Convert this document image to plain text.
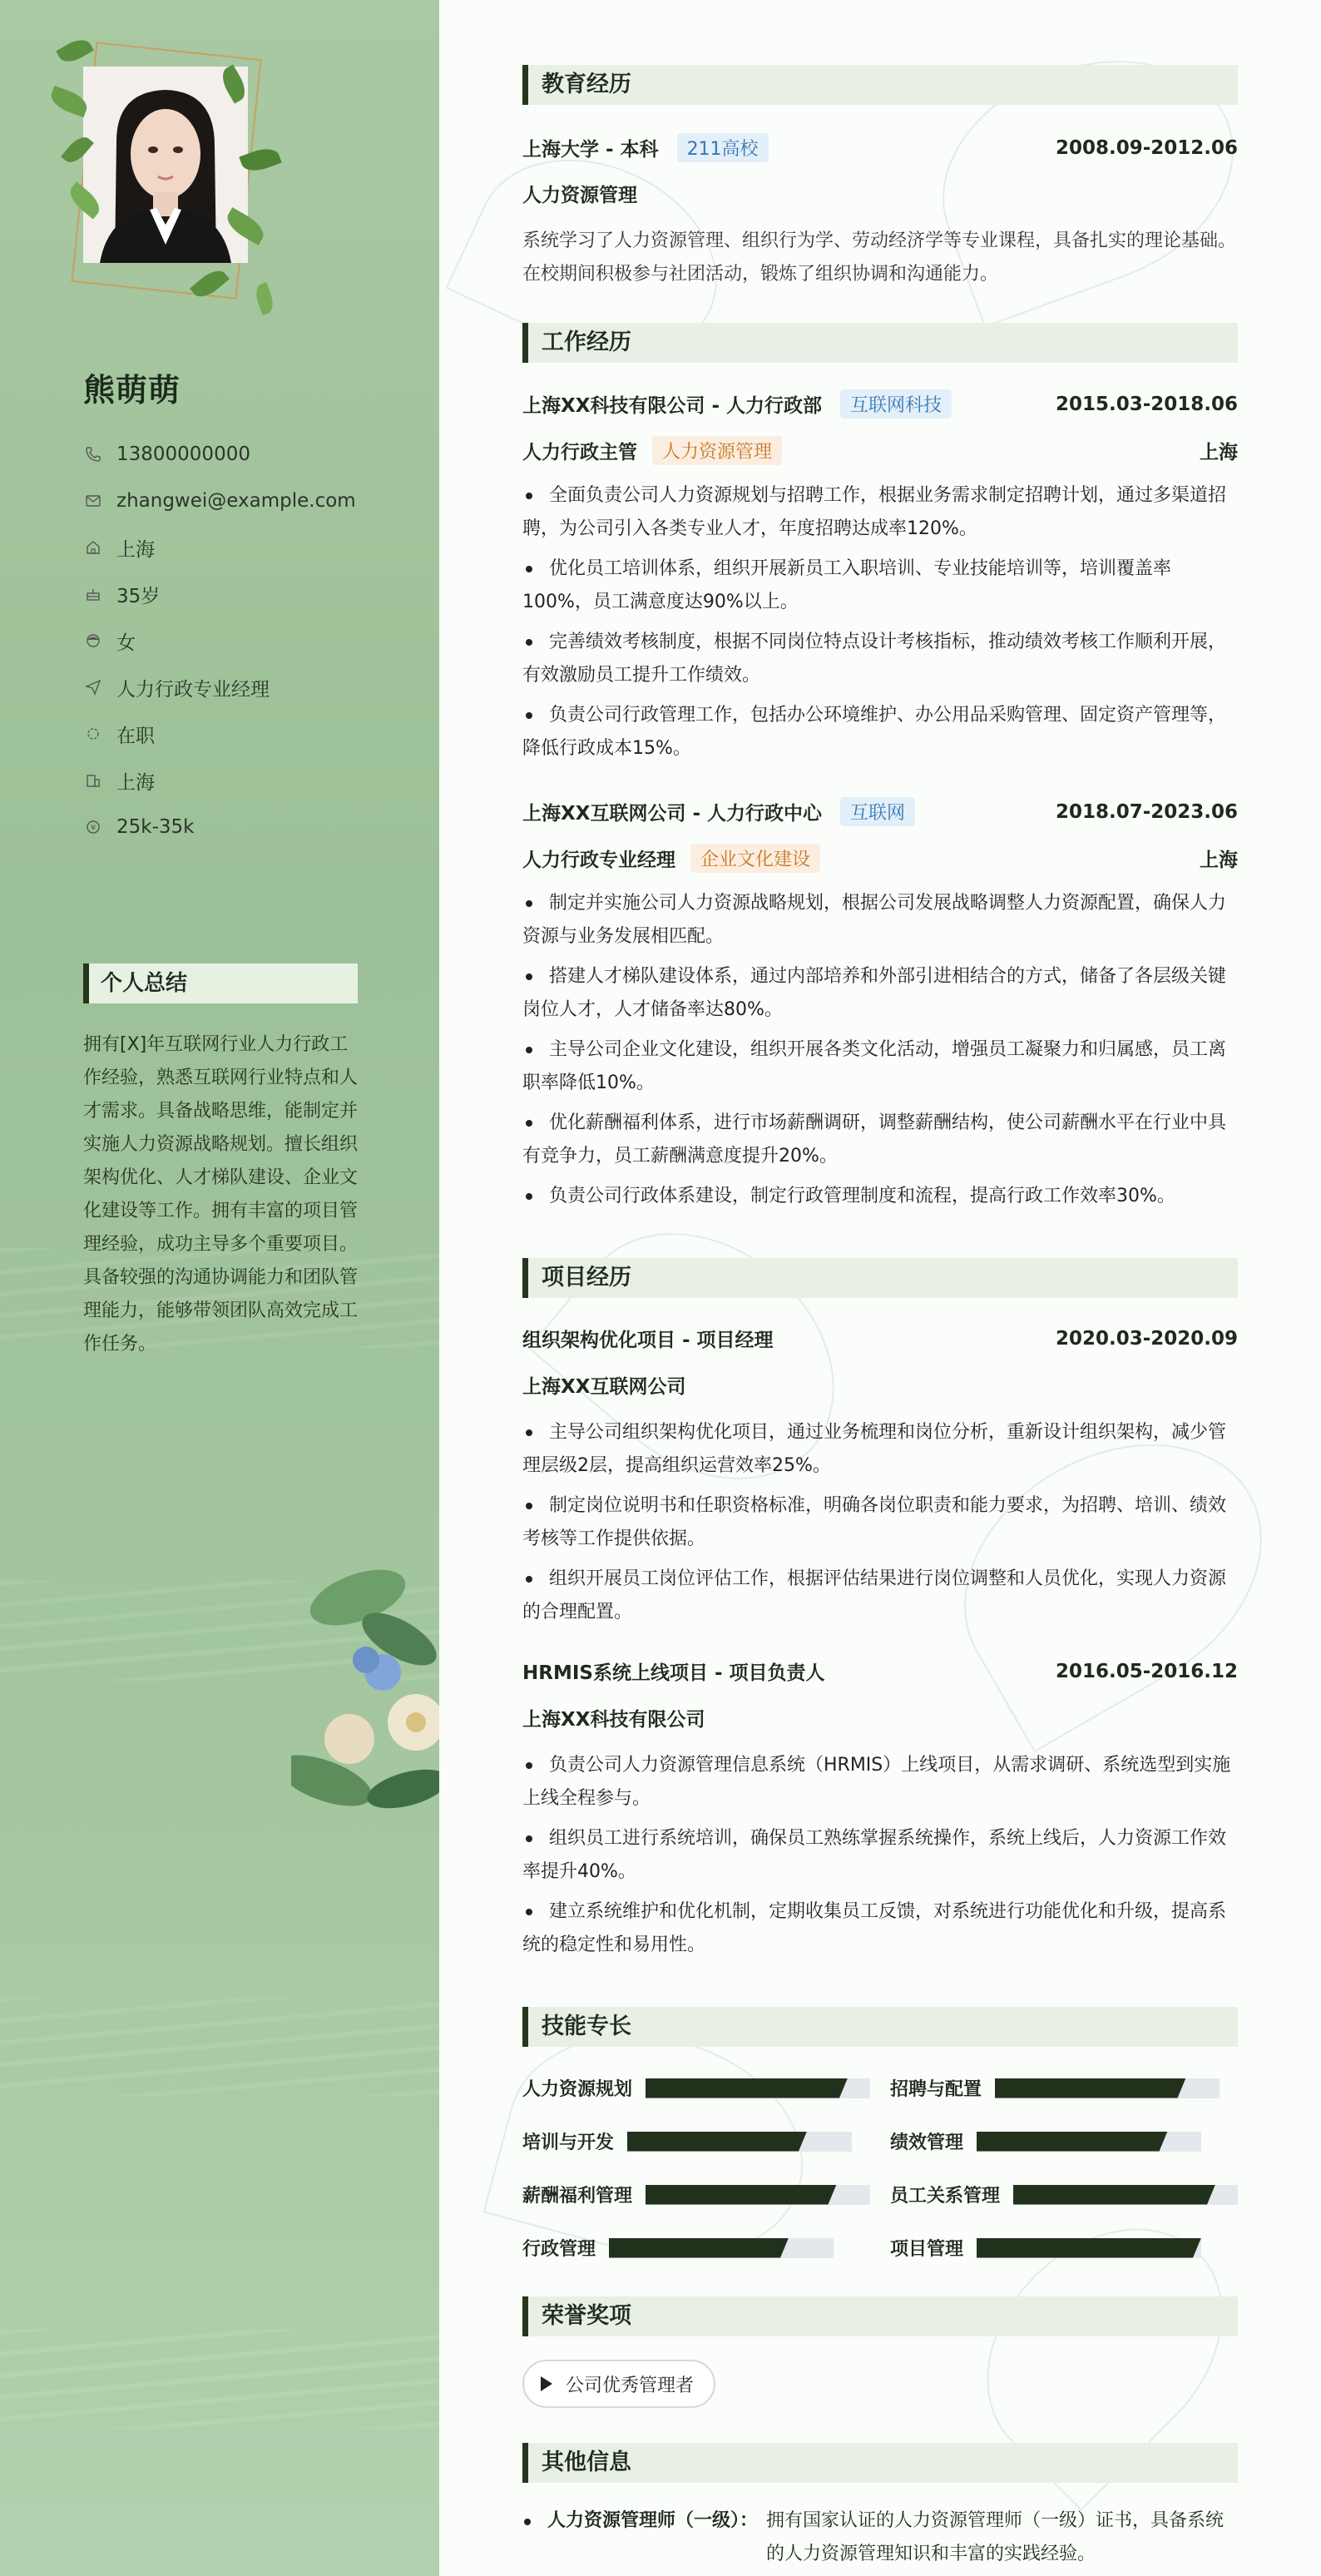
熊萌萌
13800000000
zhangwei@example.com
上海
35岁
女
人力行政专业经理
在职
上海
¥ 25k-35k
个人总结
拥有[X]年互联网行业人力行政工作经验，熟悉互联网行业特点和人才需求。具备战略思维，能制定并实施人力资源战略规划。擅长组织架构优化、人才梯队建设、企业文化建设等工作。拥有丰富的项目管理经验，成功主导多个重要项目。具备较强的沟通协调能力和团队管理能力，能够带领团队高效完成工作任务。
教育经历
上海大学 - 本科	211高校	2008.09-2012.06
人力资源管理
系统学习了人力资源管理、组织行为学、劳动经济学等专业课程，具备扎实的理论基础。在校期间积极参与社团活动，锻炼了组织协调和沟通能力。
工作经历
上海XX科技有限公司 - 人力行政部	互联网科技	2015.03-2018.06
人力行政主管	人力资源管理	上海
全面负责公司人力资源规划与招聘工作，根据业务需求制定招聘计划，通过多渠道招聘，为公司引入各类专业人才，年度招聘达成率120%。
优化员工培训体系，组织开展新员工入职培训、专业技能培训等，培训覆盖率100%，员工满意度达90%以上。
完善绩效考核制度，根据不同岗位特点设计考核指标，推动绩效考核工作顺利开展，有效激励员工提升工作绩效。
负责公司行政管理工作，包括办公环境维护、办公用品采购管理、固定资产管理等，降低行政成本15%。
上海XX互联网公司 - 人力行政中心	互联网	2018.07-2023.06
人力行政专业经理	企业文化建设	上海
制定并实施公司人力资源战略规划，根据公司发展战略调整人力资源配置，确保人力资源与业务发展相匹配。
搭建人才梯队建设体系，通过内部培养和外部引进相结合的方式，储备了各层级关键岗位人才，人才储备率达80%。
主导公司企业文化建设，组织开展各类文化活动，增强员工凝聚力和归属感，员工离职率降低10%。
优化薪酬福利体系，进行市场薪酬调研，调整薪酬结构，使公司薪酬水平在行业中具有竞争力，员工薪酬满意度提升20%。
负责公司行政体系建设，制定行政管理制度和流程，提高行政工作效率30%。
项目经历
组织架构优化项目 - 项目经理	2020.03-2020.09
上海XX互联网公司
主导公司组织架构优化项目，通过业务梳理和岗位分析，重新设计组织架构，减少管理层级2层，提高组织运营效率25%。
制定岗位说明书和任职资格标准，明确各岗位职责和能力要求，为招聘、培训、绩效考核等工作提供依据。
组织开展员工岗位评估工作，根据评估结果进行岗位调整和人员优化，实现人力资源的合理配置。
HRMIS系统上线项目 - 项目负责人	2016.05-2016.12
上海XX科技有限公司
负责公司人力资源管理信息系统（HRMIS）上线项目，从需求调研、系统选型到实施上线全程参与。
组织员工进行系统培训，确保员工熟练掌握系统操作，系统上线后，人力资源工作效率提升40%。
建立系统维护和优化机制，定期收集员工反馈，对系统进行功能优化和升级，提高系统的稳定性和易用性。
技能专长
人力资源规划	招聘与配置
培训与开发	绩效管理
薪酬福利管理	员工关系管理
行政管理	项目管理
荣誉奖项
公司优秀管理者
其他信息
人力资源管理师（一级）： 拥有国家认证的人力资源管理师（一级）证书，具备系统的人力资源管理知识和丰富的实践经验。
